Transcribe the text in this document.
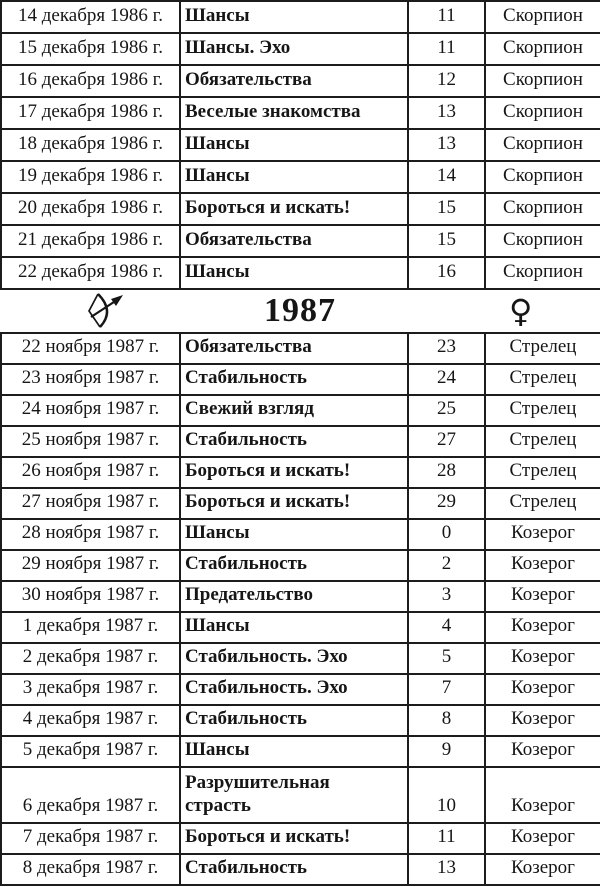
14 декабря 1986 г.	Шансы	11	Скорпион
15 декабря 1986 г.	Шансы. Эхо	11	Скорпион
16 декабря 1986 г.	Обязательства	12	Скорпион
17 декабря 1986 г.	Веселые знакомства	13	Скорпион
18 декабря 1986 г.	Шансы	13	Скорпион
19 декабря 1986 г.	Шансы	14	Скорпион
20 декабря 1986 г.	Бороться и искать!	15	Скорпион
21 декабря 1986 г.	Обязательства	15	Скорпион
22 декабря 1986 г.	Шансы	16	Скорпион
1987	♀
22 ноября 1987 г.	Обязательства	23	Стрелец
23 ноября 1987 г.	Стабильность	24	Стрелец
24 ноября 1987 г.	Свежий взгляд	25	Стрелец
25 ноября 1987 г.	Стабильность	27	Стрелец
26 ноября 1987 г.	Бороться и искать!	28	Стрелец
27 ноября 1987 г.	Бороться и искать!	29	Стрелец
28 ноября 1987 г.	Шансы	0	Козерог
29 ноября 1987 г.	Стабильность	2	Козерог
30 ноября 1987 г.	Предательство	3	Козерог
1 декабря 1987 г.	Шансы	4	Козерог
2 декабря 1987 г.	Стабильность. Эхо	5	Козерог
3 декабря 1987 г.	Стабильность. Эхо	7	Козерог
4 декабря 1987 г.	Стабильность	8	Козерог
5 декабря 1987 г.	Шансы	9	Козерог
6 декабря 1987 г.	Разрушительная страсть	10	Козерог
7 декабря 1987 г.	Бороться и искать!	11	Козерог
8 декабря 1987 г.	Стабильность	13	Козерог
